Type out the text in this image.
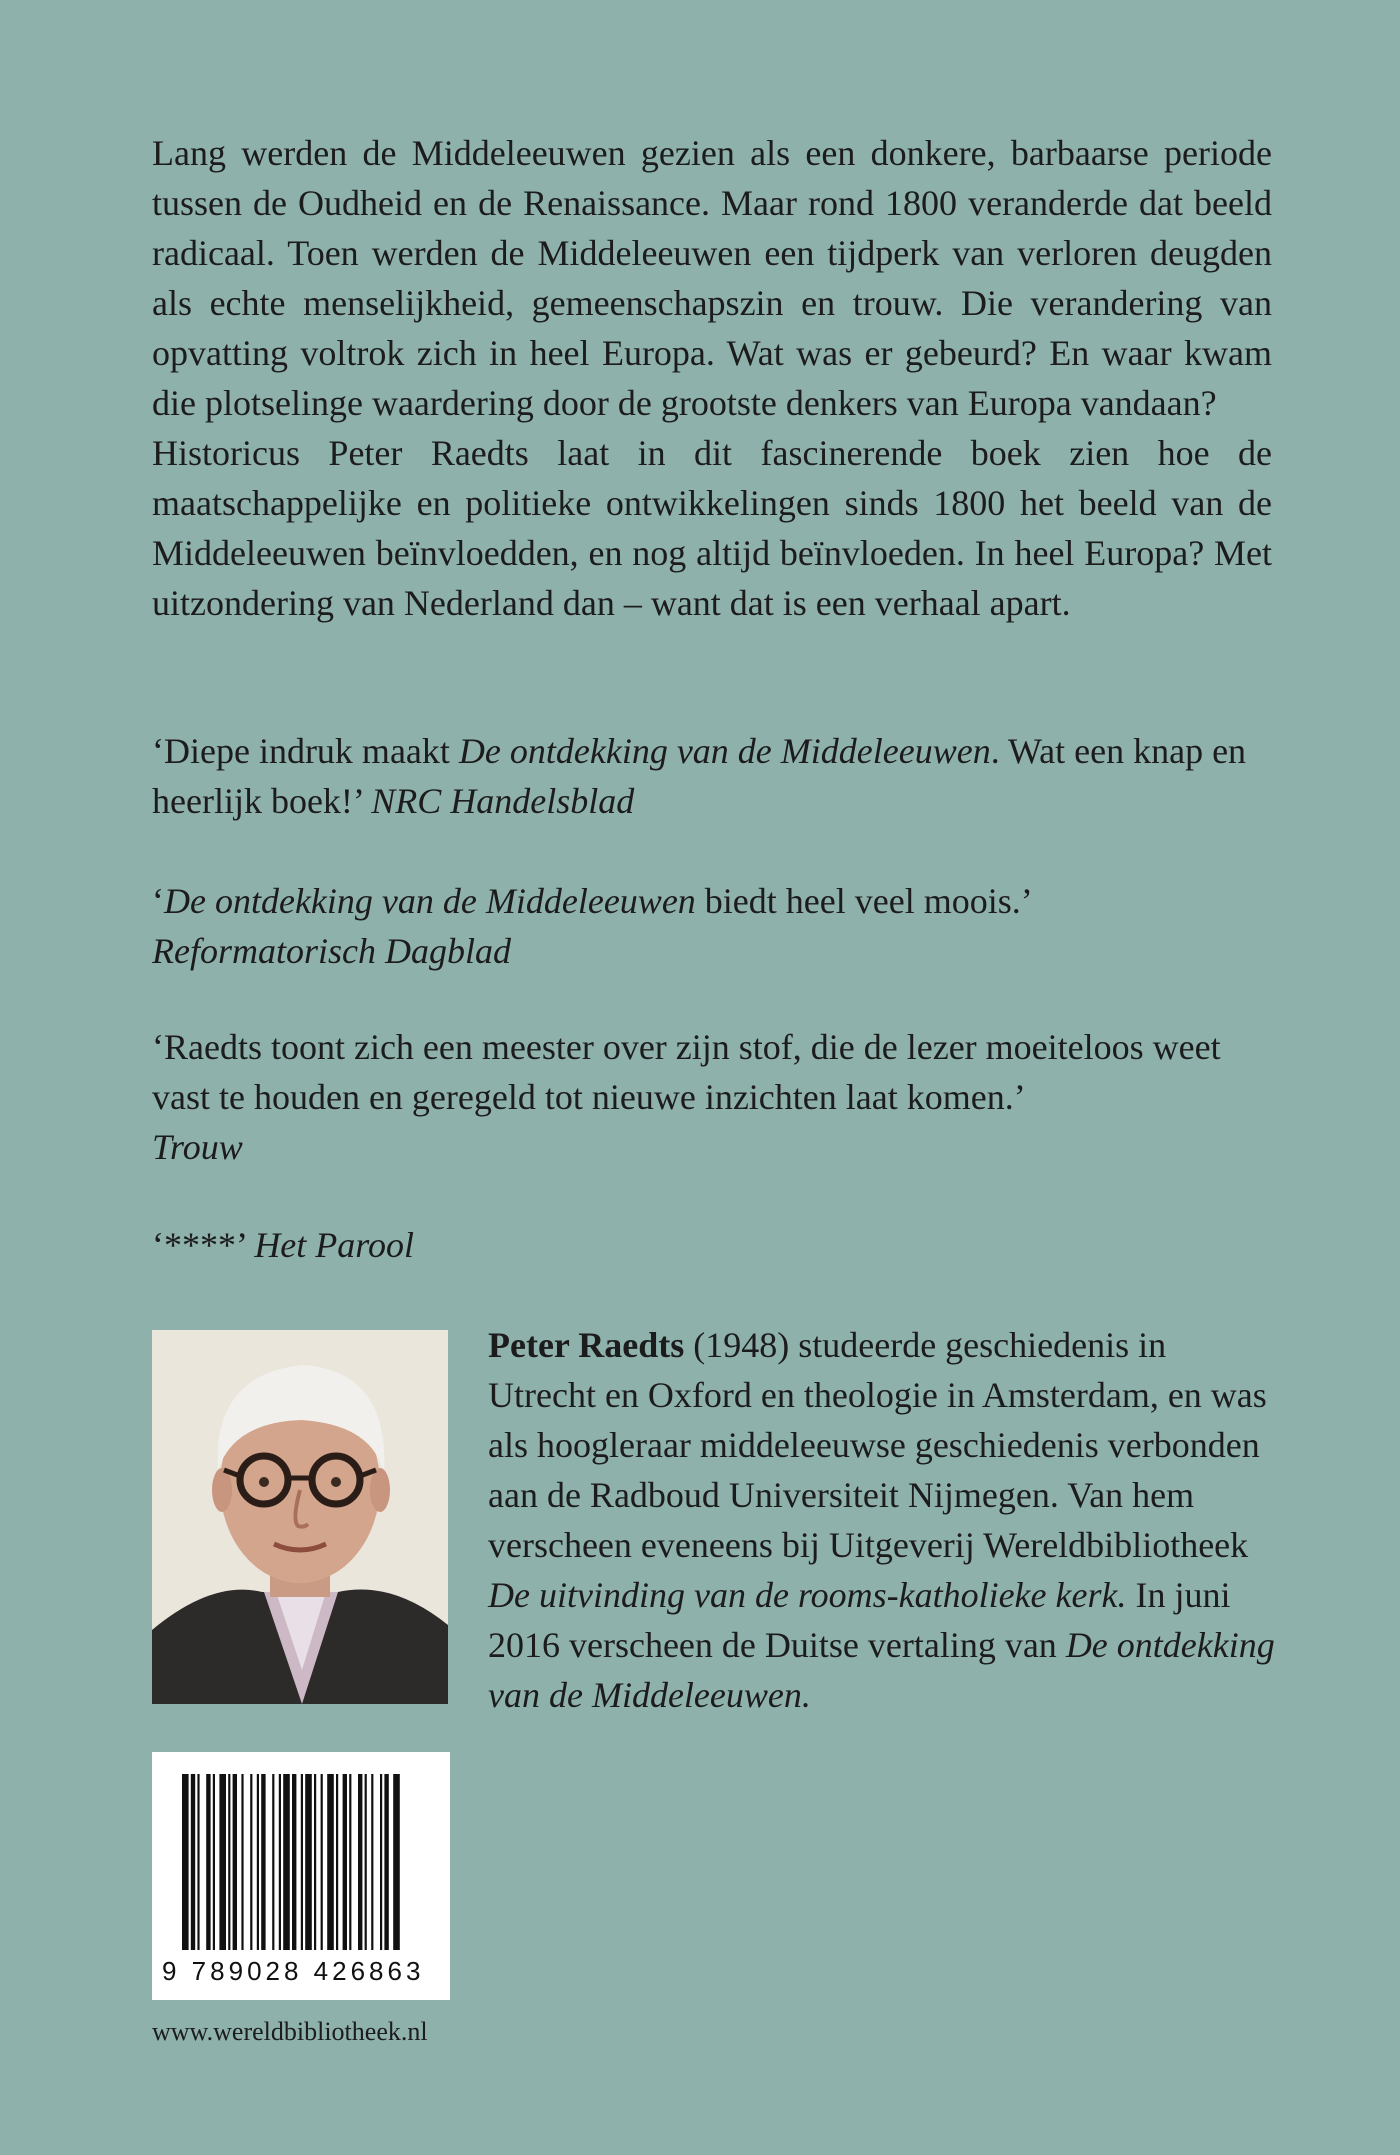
Lang werden de Middeleeuwen gezien als een donkere, barbaarse periode tussen de Oudheid en de Renaissance. Maar rond 1800 veranderde dat beeld radicaal. Toen werden de Middeleeuwen een tijdperk van verloren deugden als echte menselijkheid, gemeenschapszin en trouw. Die verandering van opvatting voltrok zich in heel Europa. Wat was er gebeurd? En waar kwam die plotselinge waardering door de grootste denkers van Europa vandaan?

Historicus Peter Raedts laat in dit fascinerende boek zien hoe de maatschappelijke en politieke ontwikkelingen sinds 1800 het beeld van de Middeleeuwen beïnvloedden, en nog altijd beïnvloeden. In heel Europa? Met uitzondering van Nederland dan – want dat is een verhaal apart.

‘Diepe indruk maakt De ontdekking van de Middeleeuwen. Wat een knap en heerlijk boek!’ NRC Handelsblad

‘De ontdekking van de Middeleeuwen biedt heel veel moois.’
Reformatorisch Dagblad

‘Raedts toont zich een meester over zijn stof, die de lezer moeiteloos weet vast te houden en geregeld tot nieuwe inzichten laat komen.’
Trouw

‘****’ Het Parool

Peter Raedts (1948) studeerde geschiedenis in Utrecht en Oxford en theologie in Amsterdam, en was als hoogleraar middeleeuwse geschiedenis verbonden aan de Radboud Universiteit Nijmegen. Van hem verscheen eveneens bij Uitgeverij Wereldbibliotheek De uitvinding van de rooms-katholieke kerk. In juni 2016 verscheen de Duitse vertaling van De ontdekking van de Middeleeuwen.

9 789028 426863
www.wereldbibliotheek.nl
